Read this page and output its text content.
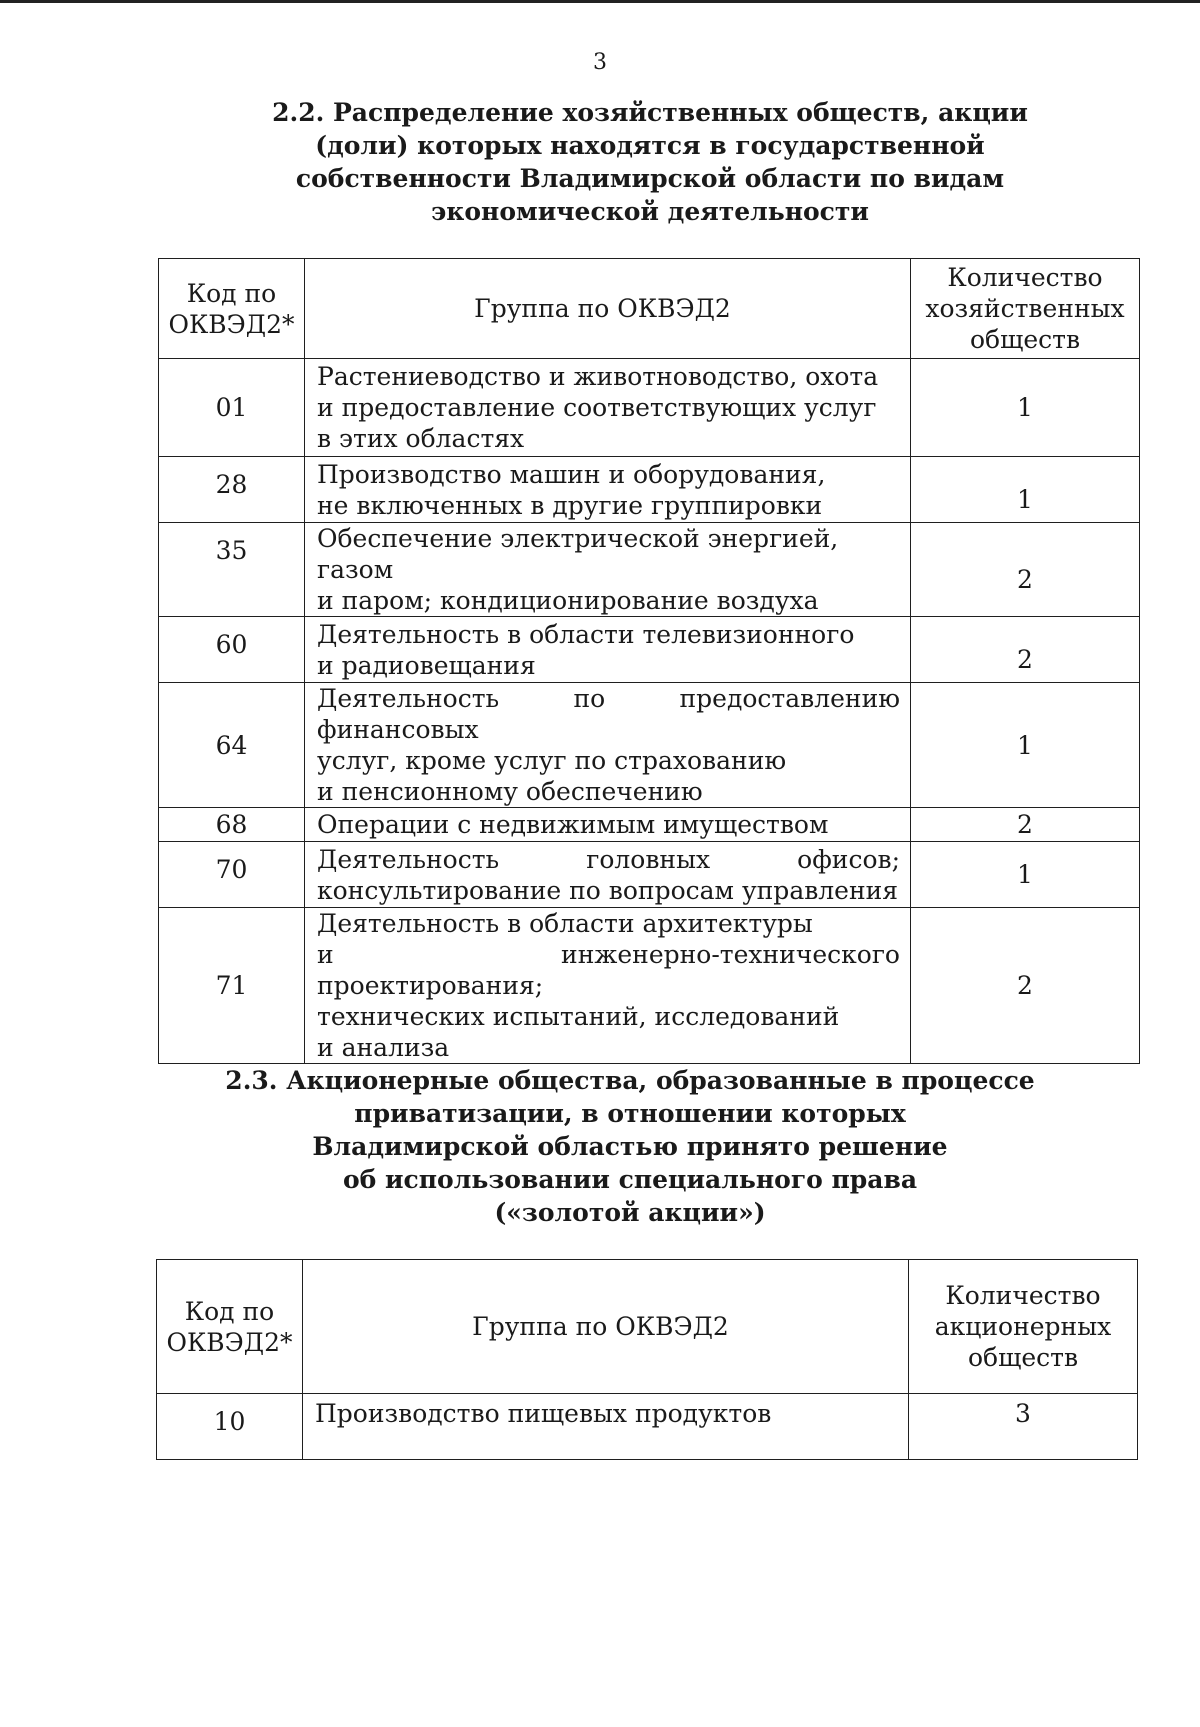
3
2.2. Распределение хозяйственных обществ, акции
(доли) которых находятся в государственной
собственности Владимирской области по видам
экономической деятельности
Код по
ОКВЭД2*	Группа по ОКВЭД2	Количество
хозяйственных
обществ

01	Растениеводство и животноводство, охота
и предоставление соответствующих услуг
в этих областях	1

28	Производство машин и оборудования,
не включенных в другие группировки	1

35	Обеспечение электрической энергией, газом
и паром; кондиционирование воздуха	2

60	Деятельность в области телевизионного
и радиовещания	2

64	Деятельность по предоставлению финансовых
услуг, кроме услуг по страхованию
и пенсионному обеспечению	1
68	Операции с недвижимым имуществом	2

70	Деятельность головных офисов;
консультирование по вопросам управления	1
71	Деятельность в области архитектуры
и инженерно-технического проектирования;
технических испытаний, исследований
и анализа	2
2.3. Акционерные общества, образованные в процессе
приватизации, в отношении которых
Владимирской областью принято решение
об использовании специального права
(«золотой акции»)
Код по
ОКВЭД2*	Группа по ОКВЭД2	Количество
акционерных
обществ

10	Производство пищевых продуктов	3
